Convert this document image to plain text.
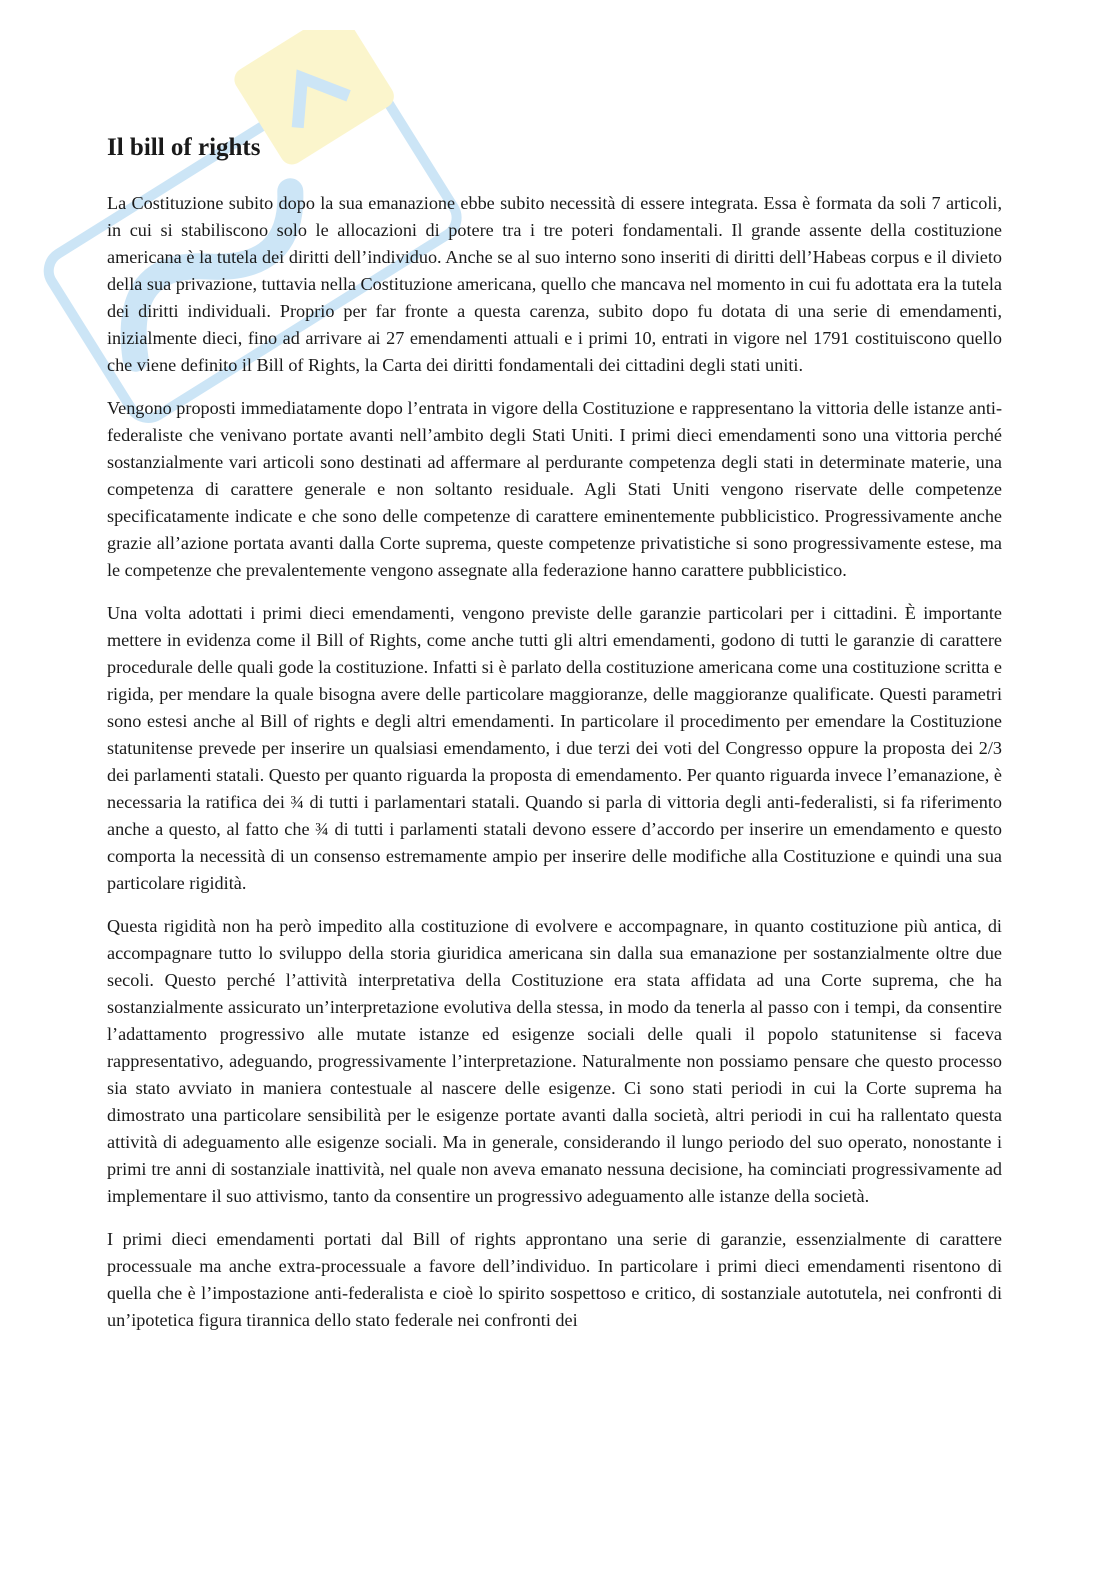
Il bill of rights

La Costituzione subito dopo la sua emanazione ebbe subito necessità di essere integrata. Essa è formata da soli 7 articoli, in cui si stabiliscono solo le allocazioni di potere tra i tre poteri fondamentali. Il grande assente della costituzione americana è la tutela dei diritti dell’individuo. Anche se al suo interno sono inseriti di diritti dell’Habeas corpus e il divieto della sua privazione, tuttavia nella Costituzione americana, quello che mancava nel momento in cui fu adottata era la tutela dei diritti individuali. Proprio per far fronte a questa carenza, subito dopo fu dotata di una serie di emendamenti, inizialmente dieci, fino ad arrivare ai 27 emendamenti attuali e i primi 10, entrati in vigore nel 1791 costituiscono quello che viene definito il Bill of Rights, la Carta dei diritti fondamentali dei cittadini degli stati uniti.

Vengono proposti immediatamente dopo l’entrata in vigore della Costituzione e rappresentano la vittoria delle istanze anti-federaliste che venivano portate avanti nell’ambito degli Stati Uniti. I primi dieci emendamenti sono una vittoria perché sostanzialmente vari articoli sono destinati ad affermare al perdurante competenza degli stati in determinate materie, una competenza di carattere generale e non soltanto residuale. Agli Stati Uniti vengono riservate delle competenze specificatamente indicate e che sono delle competenze di carattere eminentemente pubblicistico. Progressivamente anche grazie all’azione portata avanti dalla Corte suprema, queste competenze privatistiche si sono progressivamente estese, ma le competenze che prevalentemente vengono assegnate alla federazione hanno carattere pubblicistico.

Una volta adottati i primi dieci emendamenti, vengono previste delle garanzie particolari per i cittadini. È importante mettere in evidenza come il Bill of Rights, come anche tutti gli altri emendamenti, godono di tutti le garanzie di carattere procedurale delle quali gode la costituzione. Infatti si è parlato della costituzione americana come una costituzione scritta e rigida, per mendare la quale bisogna avere delle particolare maggioranze, delle maggioranze qualificate. Questi parametri sono estesi anche al Bill of rights e degli altri emendamenti. In particolare il procedimento per emendare la Costituzione statunitense prevede per inserire un qualsiasi emendamento, i due terzi dei voti del Congresso oppure la proposta dei 2/3 dei parlamenti statali. Questo per quanto riguarda la proposta di emendamento. Per quanto riguarda invece l’emanazione, è necessaria la ratifica dei ¾ di tutti i parlamentari statali. Quando si parla di vittoria degli anti-federalisti, si fa riferimento anche a questo, al fatto che ¾ di tutti i parlamenti statali devono essere d’accordo per inserire un emendamento e questo comporta la necessità di un consenso estremamente ampio per inserire delle modifiche alla Costituzione e quindi una sua particolare rigidità.

Questa rigidità non ha però impedito alla costituzione di evolvere e accompagnare, in quanto costituzione più antica, di accompagnare tutto lo sviluppo della storia giuridica americana sin dalla sua emanazione per sostanzialmente oltre due secoli. Questo perché l’attività interpretativa della Costituzione era stata affidata ad una Corte suprema, che ha sostanzialmente assicurato un’interpretazione evolutiva della stessa, in modo da tenerla al passo con i tempi, da consentire l’adattamento progressivo alle mutate istanze ed esigenze sociali delle quali il popolo statunitense si faceva rappresentativo, adeguando, progressivamente l’interpretazione. Naturalmente non possiamo pensare che questo processo sia stato avviato in maniera contestuale al nascere delle esigenze. Ci sono stati periodi in cui la Corte suprema ha dimostrato una particolare sensibilità per le esigenze portate avanti dalla società, altri periodi in cui ha rallentato questa attività di adeguamento alle esigenze sociali. Ma in generale, considerando il lungo periodo del suo operato, nonostante i primi tre anni di sostanziale inattività, nel quale non aveva emanato nessuna decisione, ha cominciati progressivamente ad implementare il suo attivismo, tanto da consentire un progressivo adeguamento alle istanze della società.

I primi dieci emendamenti portati dal Bill of rights approntano una serie di garanzie, essenzialmente di carattere processuale ma anche extra-processuale a favore dell’individuo. In particolare i primi dieci emendamenti risentono di quella che è l’impostazione anti-federalista e cioè lo spirito sospettoso e critico, di sostanziale autotutela, nei confronti di un’ipotetica figura tirannica dello stato federale nei confronti dei
